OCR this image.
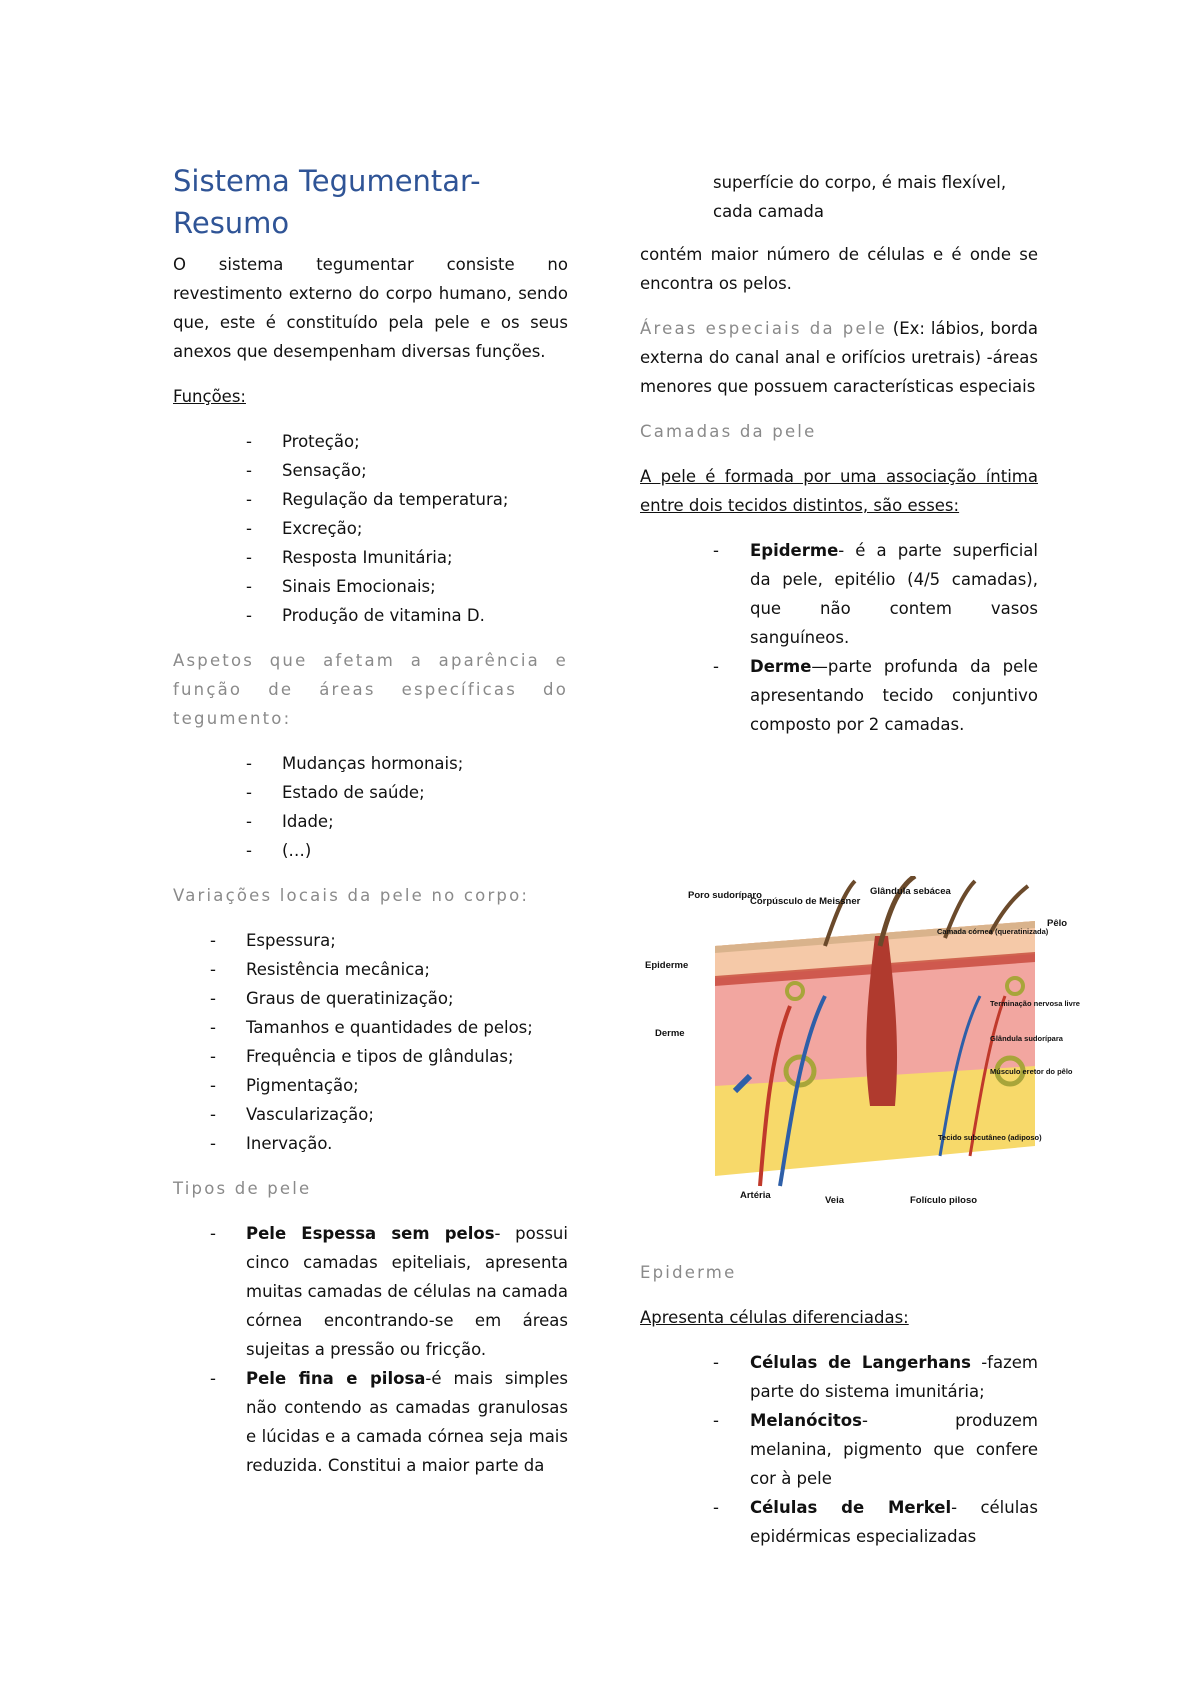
Sistema Tegumentar- Resumo

O sistema tegumentar consiste no revestimento externo do corpo humano, sendo que, este é constituído pela pele e os seus anexos que desempenham diversas funções.

Funções:

- Proteção;
- Sensação;
- Regulação da temperatura;
- Excreção;
- Resposta Imunitária;
- Sinais Emocionais;
- Produção de vitamina D.

Aspetos que afetam a aparência e função de áreas específicas do tegumento:

- Mudanças hormonais;
- Estado de saúde;
- Idade;
- (…)

Variações locais da pele no corpo:

- Espessura;
- Resistência mecânica;
- Graus de queratinização;
- Tamanhos e quantidades de pelos;
- Frequência e tipos de glândulas;
- Pigmentação;
- Vascularização;
- Inervação.

Tipos de pele

- Pele Espessa sem pelos- possui cinco camadas epiteliais, apresenta muitas camadas de células na camada córnea encontrando-se em áreas sujeitas a pressão ou fricção.
- Pele fina e pilosa-é mais simples não contendo as camadas granulosas e lúcidas e a camada córnea seja mais reduzida. Constitui a maior parte da

superfície do corpo, é mais flexível, cada camada

contém maior número de células e é onde se encontra os pelos.

Áreas especiais da pele (Ex: lábios, borda externa do canal anal e orifícios uretrais) -áreas menores que possuem características especiais

Camadas da pele

A pele é formada por uma associação íntima entre dois tecidos distintos, são esses:

- Epiderme- é a parte superficial da pele, epitélio (4/5 camadas), que não contem vasos sanguíneos.
- Derme—parte profunda da pele apresentando tecido conjuntivo composto por 2 camadas.
Poro sudoríparo
Corpúsculo de Meissner
Glândula sebácea
Pêlo
Epiderme
Derme
Camada córnea (queratinizada)
Terminação nervosa livre
Glândula sudorípara
Músculo eretor do pêlo
Tecido subcutâneo (adiposo)
Artéria	Veia	Folículo piloso

Epiderme

Apresenta células diferenciadas:

- Células de Langerhans -fazem parte do sistema imunitária;
- Melanócitos- produzem melanina, pigmento que confere cor à pele
- Células de Merkel- células epidérmicas especializadas
